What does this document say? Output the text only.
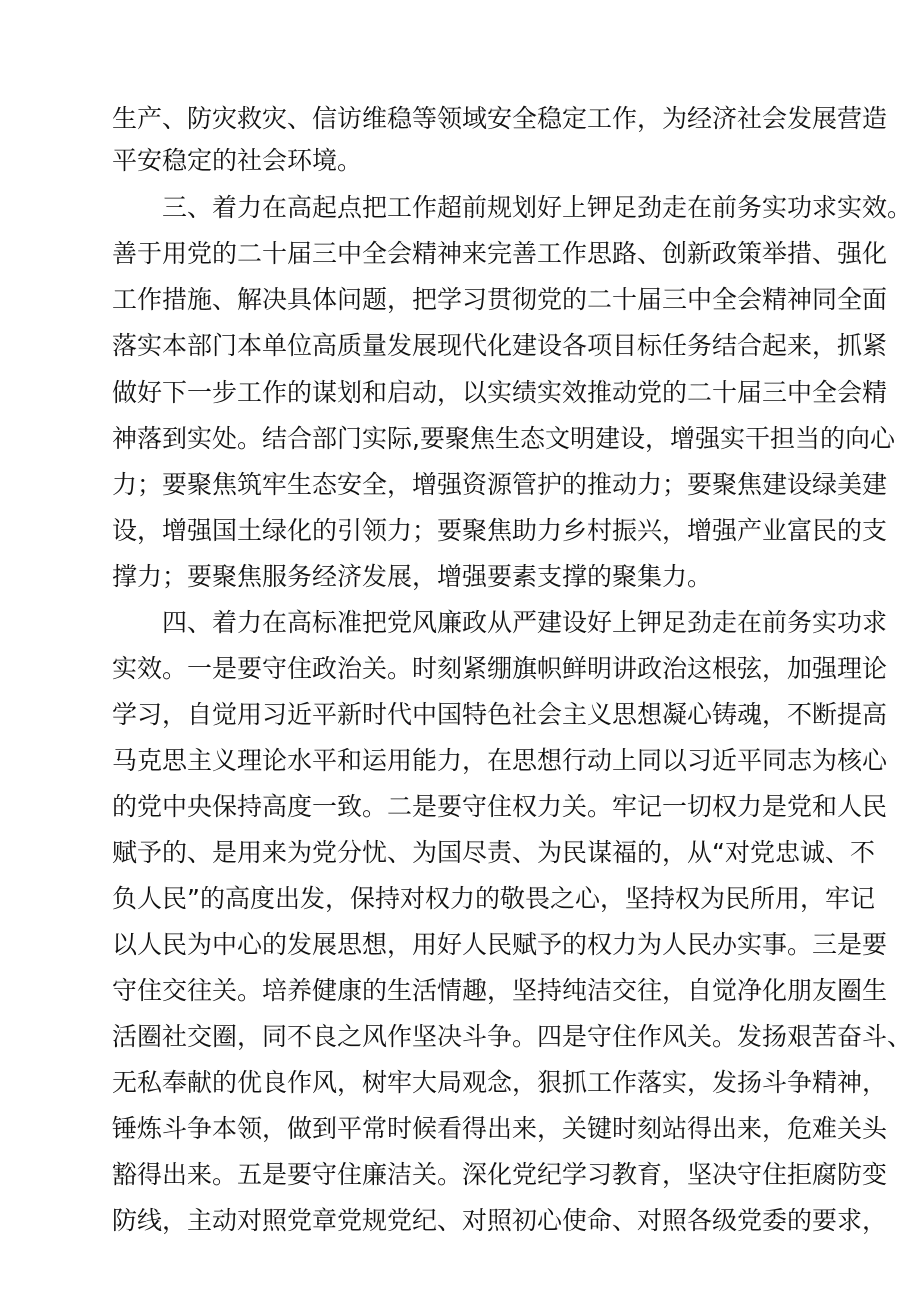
生产、防灾救灾、信访维稳等领域安全稳定工作，为经济社会发展营造
平安稳定的社会环境。
三、着力在高起点把工作超前规划好上钾足劲走在前务实功求实效。
善于用党的二十届三中全会精神来完善工作思路、创新政策举措、强化
工作措施、解决具体问题，把学习贯彻党的二十届三中全会精神同全面
落实本部门本单位高质量发展现代化建设各项目标任务结合起来，抓紧
做好下一步工作的谋划和启动，以实绩实效推动党的二十届三中全会精
神落到实处。结合部门实际,要聚焦生态文明建设，增强实干担当的向心
力；要聚焦筑牢生态安全，增强资源管护的推动力；要聚焦建设绿美建
设，增强国土绿化的引领力；要聚焦助力乡村振兴，增强产业富民的支
撑力；要聚焦服务经济发展，增强要素支撑的聚集力。
四、着力在高标准把党风廉政从严建设好上钾足劲走在前务实功求
实效。一是要守住政治关。时刻紧绷旗帜鲜明讲政治这根弦，加强理论
学习，自觉用习近平新时代中国特色社会主义思想凝心铸魂，不断提高
马克思主义理论水平和运用能力，在思想行动上同以习近平同志为核心
的党中央保持高度一致。二是要守住权力关。牢记一切权力是党和人民
赋予的、是用来为党分忧、为国尽责、为民谋福的，从“对党忠诚、不
负人民”的高度出发，保持对权力的敬畏之心，坚持权为民所用，牢记
以人民为中心的发展思想，用好人民赋予的权力为人民办实事。三是要
守住交往关。培养健康的生活情趣，坚持纯洁交往，自觉净化朋友圈生
活圈社交圈，同不良之风作坚决斗争。四是守住作风关。发扬艰苦奋斗、
无私奉献的优良作风，树牢大局观念，狠抓工作落实，发扬斗争精神，
锤炼斗争本领，做到平常时候看得出来，关键时刻站得出来，危难关头
豁得出来。五是要守住廉洁关。深化党纪学习教育，坚决守住拒腐防变
防线，主动对照党章党规党纪、对照初心使命、对照各级党委的要求，
